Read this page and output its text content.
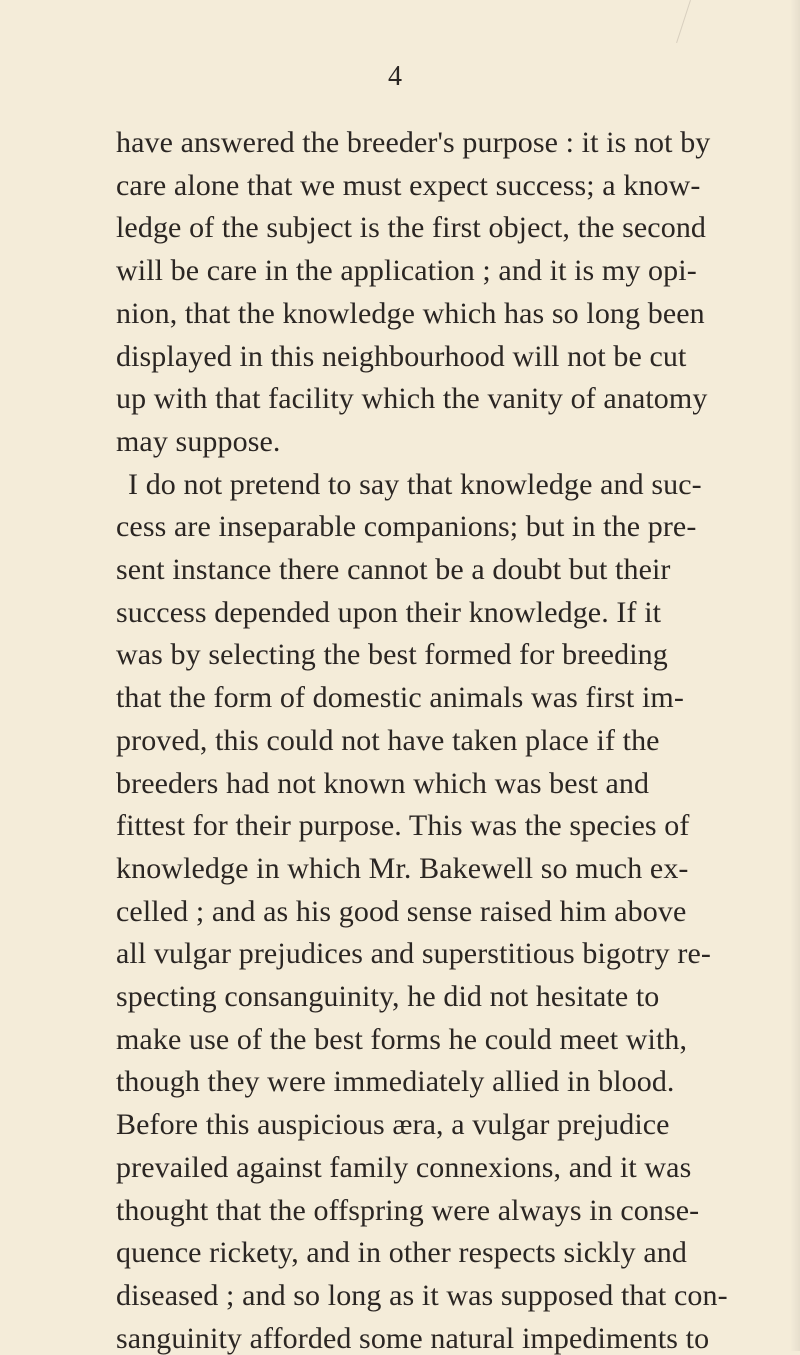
4
have answered the breeder's purpose : it is not by
care alone that we must expect success; a know-
ledge of the subject is the first object, the second
will be care in the application ; and it is my opi-
nion, that the knowledge which has so long been
displayed in this neighbourhood will not be cut
up with that facility which the vanity of anatomy
may suppose.
I do not pretend to say that knowledge and suc-
cess are inseparable companions; but in the pre-
sent instance there cannot be a doubt but their
success depended upon their knowledge. If it
was by selecting the best formed for breeding
that the form of domestic animals was first im-
proved, this could not have taken place if the
breeders had not known which was best and
fittest for their purpose. This was the species of
knowledge in which Mr. Bakewell so much ex-
celled ; and as his good sense raised him above
all vulgar prejudices and superstitious bigotry re-
specting consanguinity, he did not hesitate to
make use of the best forms he could meet with,
though they were immediately allied in blood.
Before this auspicious æra, a vulgar prejudice
prevailed against family connexions, and it was
thought that the offspring were always in conse-
quence rickety, and in other respects sickly and
diseased ; and so long as it was supposed that con-
sanguinity afforded some natural impediments to
